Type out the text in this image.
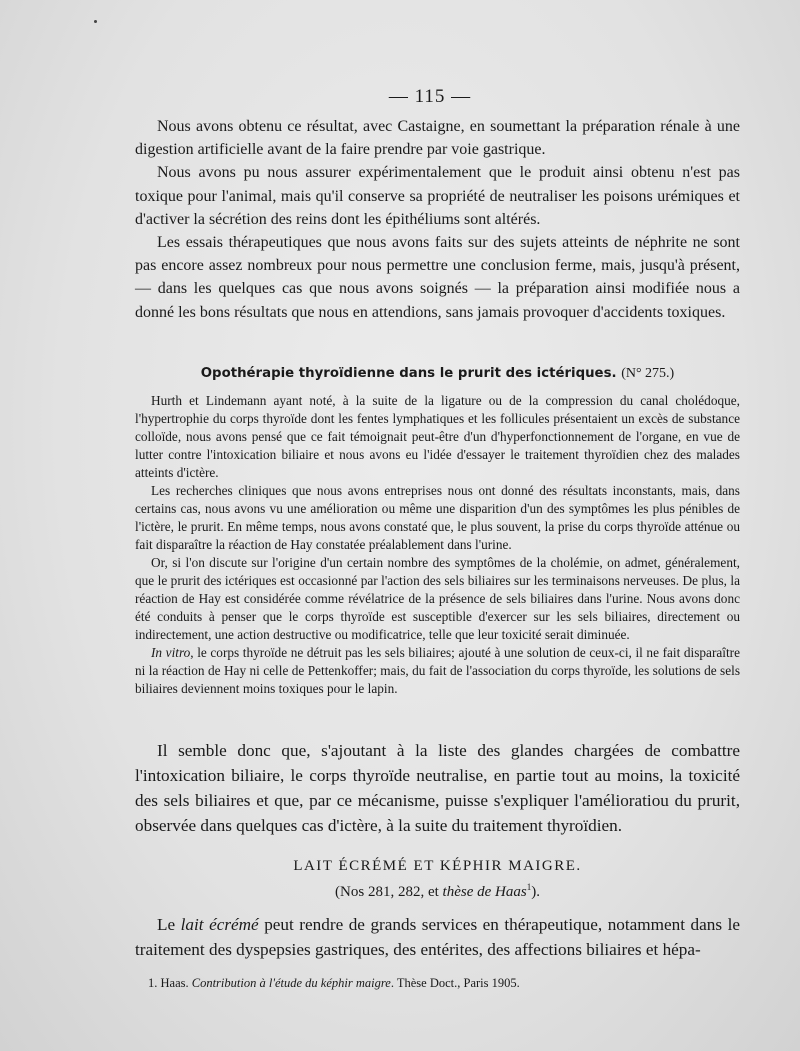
— 115 —

Nous avons obtenu ce résultat, avec Castaigne, en soumettant la préparation rénale à une digestion artificielle avant de la faire prendre par voie gastrique.

Nous avons pu nous assurer expérimentalement que le produit ainsi obtenu n'est pas toxique pour l'animal, mais qu'il conserve sa propriété de neutraliser les poisons urémiques et d'activer la sécrétion des reins dont les épithéliums sont altérés.

Les essais thérapeutiques que nous avons faits sur des sujets atteints de néphrite ne sont pas encore assez nombreux pour nous permettre une conclusion ferme, mais, jusqu'à présent, — dans les quelques cas que nous avons soignés — la préparation ainsi modifiée nous a donné les bons résultats que nous en attendions, sans jamais provoquer d'accidents toxiques.

Opothérapie thyroïdienne dans le prurit des ictériques. (N° 275.)

Hurth et Lindemann ayant noté, à la suite de la ligature ou de la compression du canal cholédoque, l'hypertrophie du corps thyroïde dont les fentes lymphatiques et les follicules présentaient un excès de substance colloïde, nous avons pensé que ce fait témoignait peut-être d'un d'hyperfonctionnement de l'organe, en vue de lutter contre l'intoxication biliaire et nous avons eu l'idée d'essayer le traitement thyroïdien chez des malades atteints d'ictère.

Les recherches cliniques que nous avons entreprises nous ont donné des résultats inconstants, mais, dans certains cas, nous avons vu une amélioration ou même une disparition d'un des symptômes les plus pénibles de l'ictère, le prurit. En même temps, nous avons constaté que, le plus souvent, la prise du corps thyroïde atténue ou fait disparaître la réaction de Hay constatée préalablement dans l'urine.

Or, si l'on discute sur l'origine d'un certain nombre des symptômes de la cholémie, on admet, généralement, que le prurit des ictériques est occasionné par l'action des sels biliaires sur les terminaisons nerveuses. De plus, la réaction de Hay est considérée comme révélatrice de la présence de sels biliaires dans l'urine. Nous avons donc été conduits à penser que le corps thyroïde est susceptible d'exercer sur les sels biliaires, directement ou indirectement, une action destructive ou modificatrice, telle que leur toxicité serait diminuée.

In vitro, le corps thyroïde ne détruit pas les sels biliaires; ajouté à une solution de ceux-ci, il ne fait disparaître ni la réaction de Hay ni celle de Pettenkoffer; mais, du fait de l'association du corps thyroïde, les solutions de sels biliaires deviennent moins toxiques pour le lapin.

Il semble donc que, s'ajoutant à la liste des glandes chargées de combattre l'intoxication biliaire, le corps thyroïde neutralise, en partie tout au moins, la toxicité des sels biliaires et que, par ce mécanisme, puisse s'expliquer l'amélioratiou du prurit, observée dans quelques cas d'ictère, à la suite du traitement thyroïdien.

LAIT ÉCRÉMÉ ET KÉPHIR MAIGRE.
(Nos 281, 282, et thèse de Haas$^1$).

Le lait écrémé peut rendre de grands services en thérapeutique, notamment dans le traitement des dyspepsies gastriques, des entérites, des affections biliaires et hépa-

1. Haas. Contribution à l'étude du képhir maigre. Thèse Doct., Paris 1905.
